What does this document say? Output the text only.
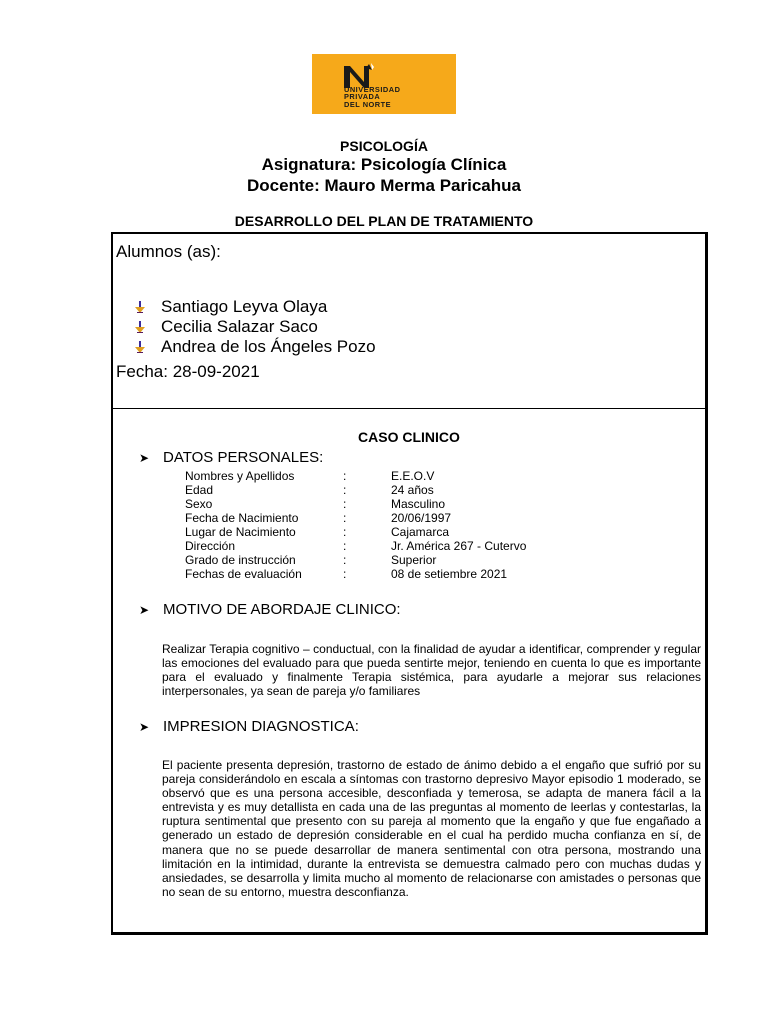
UNIVERSIDAD
PRIVADA
DEL NORTE
PSICOLOGÍA
Asignatura: Psicología Clínica
Docente: Mauro Merma Paricahua
DESARROLLO DEL PLAN DE TRATAMIENTO
Alumnos (as):
Santiago Leyva Olaya
Cecilia Salazar Saco
Andrea de los Ángeles Pozo
Fecha: 28-09-2021
CASO CLINICO
➤ DATOS PERSONALES:
Nombres y Apellidos	:	E.E.O.V
Edad	:	24 años
Sexo	:	Masculino
Fecha de Nacimiento	:	20/06/1997
Lugar de Nacimiento	:	Cajamarca
Dirección	:	Jr. América 267 - Cutervo
Grado de instrucción	:	Superior
Fechas de evaluación	:	08 de setiembre 2021
➤ MOTIVO DE ABORDAJE CLINICO:
Realizar Terapia cognitivo – conductual, con la finalidad de ayudar a identificar, comprender y regular las emociones del evaluado para que pueda sentirte mejor, teniendo en cuenta lo que es importante para el evaluado y finalmente Terapia sistémica, para ayudarle a mejorar sus relaciones interpersonales, ya sean de pareja y/o familiares
➤ IMPRESION DIAGNOSTICA:
El paciente presenta depresión, trastorno de estado de ánimo debido a el engaño que sufrió por su pareja considerándolo en escala a síntomas con trastorno depresivo Mayor episodio 1 moderado, se observó que es una persona accesible, desconfiada y temerosa, se adapta de manera fácil a la entrevista y es muy detallista en cada una de las preguntas al momento de leerlas y contestarlas, la ruptura sentimental que presento con su pareja al momento que la engaño y que fue engañado a generado un estado de depresión considerable en el cual ha perdido mucha confianza en sí, de manera que no se puede desarrollar de manera sentimental con otra persona, mostrando una limitación en la intimidad, durante la entrevista se demuestra calmado pero con muchas dudas y ansiedades, se desarrolla y limita mucho al momento de relacionarse con amistades o personas que no sean de su entorno, muestra desconfianza.
